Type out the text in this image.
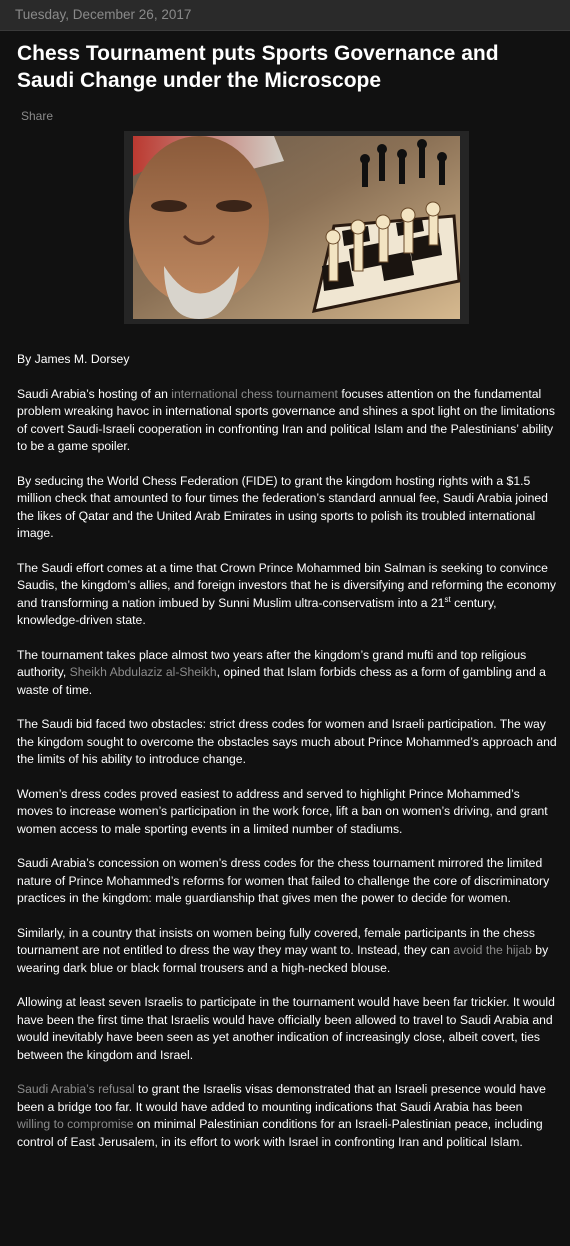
Tuesday, December 26, 2017
Chess Tournament puts Sports Governance and Saudi Change under the Microscope
Share

By James M. Dorsey

Saudi Arabia’s hosting of an international chess tournament focuses attention on the fundamental problem wreaking havoc in international sports governance and shines a spot light on the limitations of covert Saudi-Israeli cooperation in confronting Iran and political Islam and the Palestinians’ ability to be a game spoiler.

By seducing the World Chess Federation (FIDE) to grant the kingdom hosting rights with a $1.5 million check that amounted to four times the federation’s standard annual fee, Saudi Arabia joined the likes of Qatar and the United Arab Emirates in using sports to polish its troubled international image.

The Saudi effort comes at a time that Crown Prince Mohammed bin Salman is seeking to convince Saudis, the kingdom’s allies, and foreign investors that he is diversifying and reforming the economy and transforming a nation imbued by Sunni Muslim ultra-conservatism into a 21st century, knowledge-driven state.

The tournament takes place almost two years after the kingdom’s grand mufti and top religious authority, Sheikh Abdulaziz al-Sheikh, opined that Islam forbids chess as a form of gambling and a waste of time.

The Saudi bid faced two obstacles: strict dress codes for women and Israeli participation. The way the kingdom sought to overcome the obstacles says much about Prince Mohammed’s approach and the limits of his ability to introduce change.

Women’s dress codes proved easiest to address and served to highlight Prince Mohammed’s moves to increase women’s participation in the work force, lift a ban on women’s driving, and grant women access to male sporting events in a limited number of stadiums.

Saudi Arabia’s concession on women’s dress codes for the chess tournament mirrored the limited nature of Prince Mohammed’s reforms for women that failed to challenge the core of discriminatory practices in the kingdom: male guardianship that gives men the power to decide for women.

Similarly, in a country that insists on women being fully covered, female participants in the chess tournament are not entitled to dress the way they may want to. Instead, they can avoid the hijab by wearing dark blue or black formal trousers and a high-necked blouse.

Allowing at least seven Israelis to participate in the tournament would have been far trickier. It would have been the first time that Israelis would have officially been allowed to travel to Saudi Arabia and would inevitably have been seen as yet another indication of increasingly close, albeit covert, ties between the kingdom and Israel.

Saudi Arabia’s refusal to grant the Israelis visas demonstrated that an Israeli presence would have been a bridge too far. It would have added to mounting indications that Saudi Arabia has been willing to compromise on minimal Palestinian conditions for an Israeli-Palestinian peace, including control of East Jerusalem, in its effort to work with Israel in confronting Iran and political Islam.
